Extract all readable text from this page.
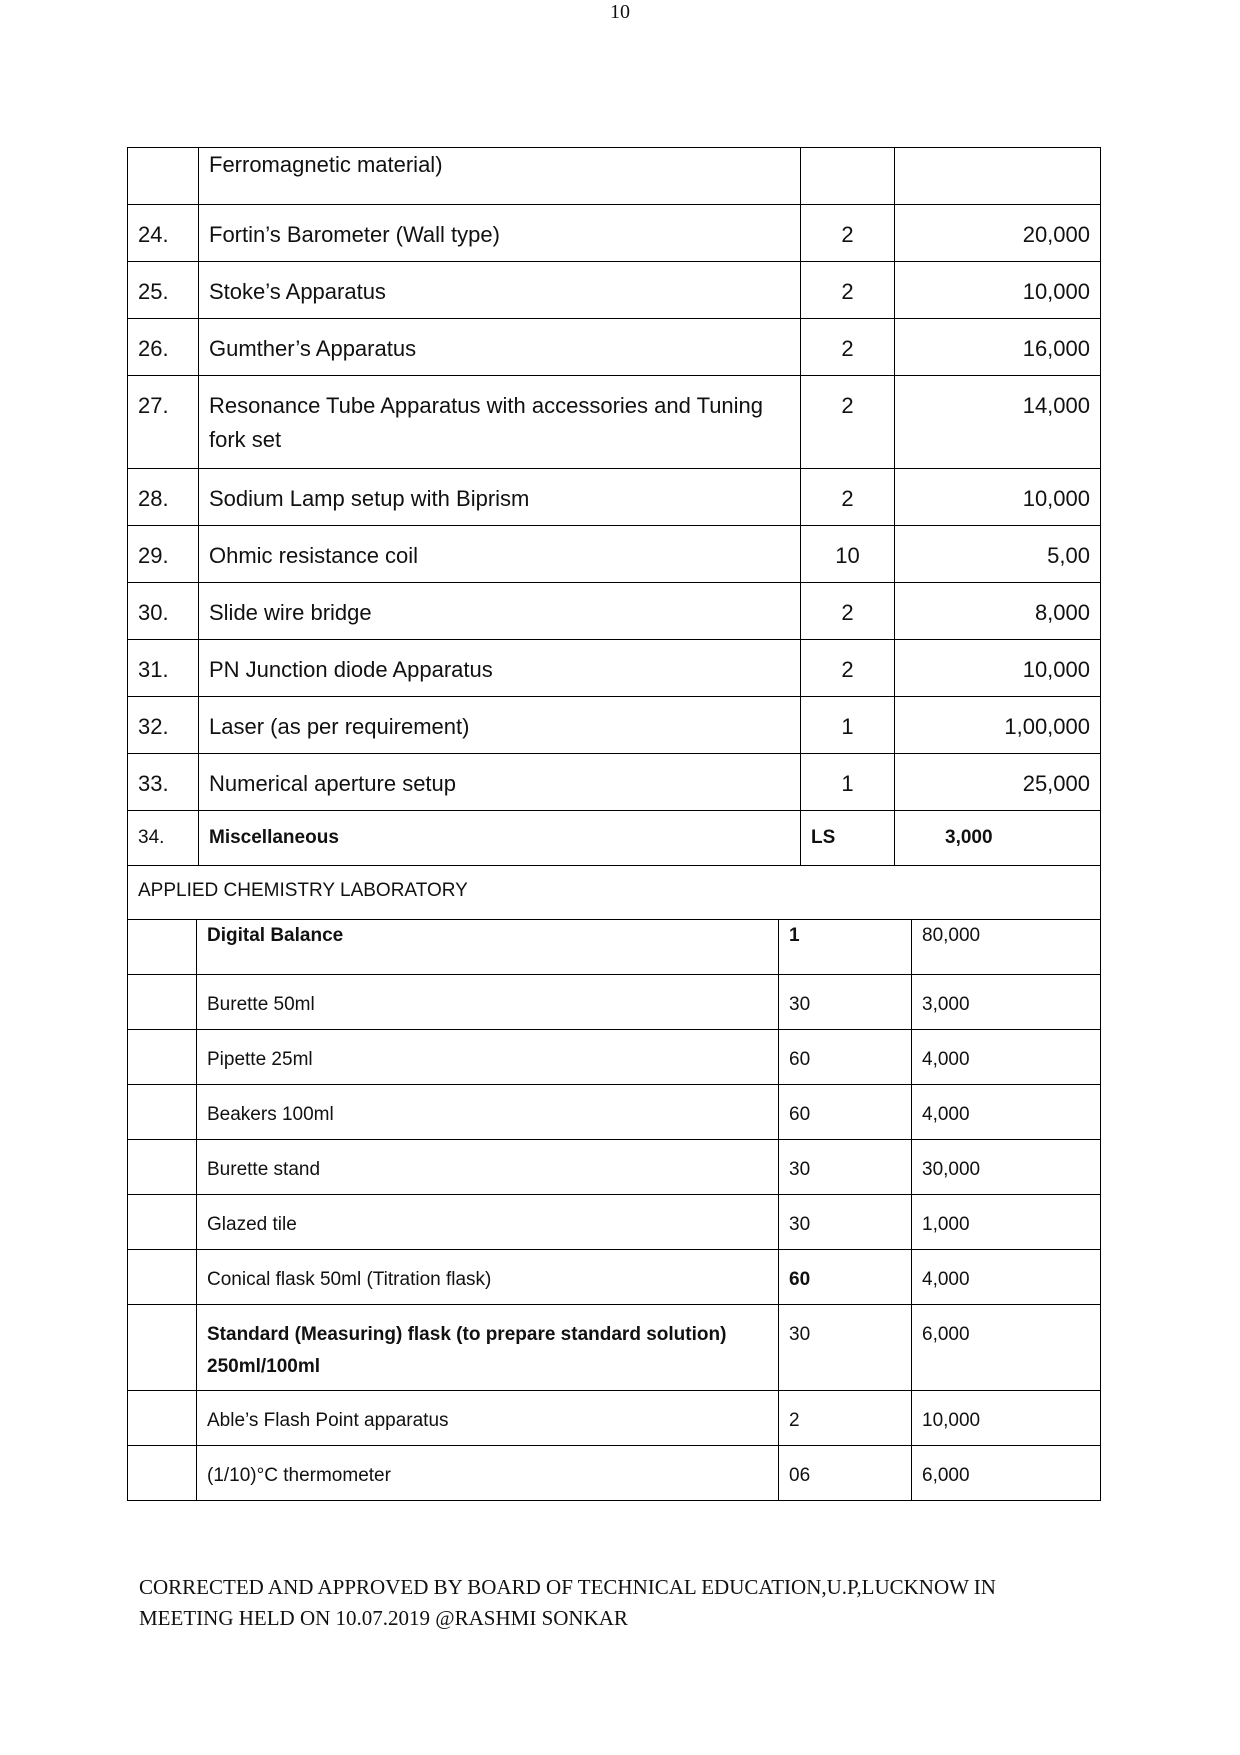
10
	Ferromagnetic material)		
24.	Fortin’s Barometer (Wall type)	2	20,000
25.	Stoke’s Apparatus	2	10,000
26.	Gumther’s Apparatus	2	16,000
27.	Resonance Tube Apparatus with accessories and Tuning fork set	2	14,000
28.	Sodium Lamp setup with Biprism	2	10,000
29.	Ohmic resistance coil	10	5,00
30.	Slide wire bridge	2	8,000
31.	PN Junction diode Apparatus	2	10,000
32.	Laser (as per requirement)	1	1,00,000
33.	Numerical aperture setup	1	25,000
34.	Miscellaneous	LS	3,000
APPLIED CHEMISTRY LABORATORY			
	Digital Balance	1	80,000
	Burette 50ml	30	3,000
	Pipette 25ml	60	4,000
	Beakers 100ml	60	4,000
	Burette stand	30	30,000
	Glazed tile	30	1,000
	Conical flask 50ml (Titration flask)	60	4,000
	Standard (Measuring) flask (to prepare standard solution) 250ml/100ml	30	6,000
	Able’s Flash Point apparatus	2	10,000
	(1/10)°C thermometer	06	6,000
CORRECTED AND APPROVED BY BOARD OF TECHNICAL EDUCATION,U.P,LUCKNOW IN
MEETING HELD ON 10.07.2019 @RASHMI SONKAR
